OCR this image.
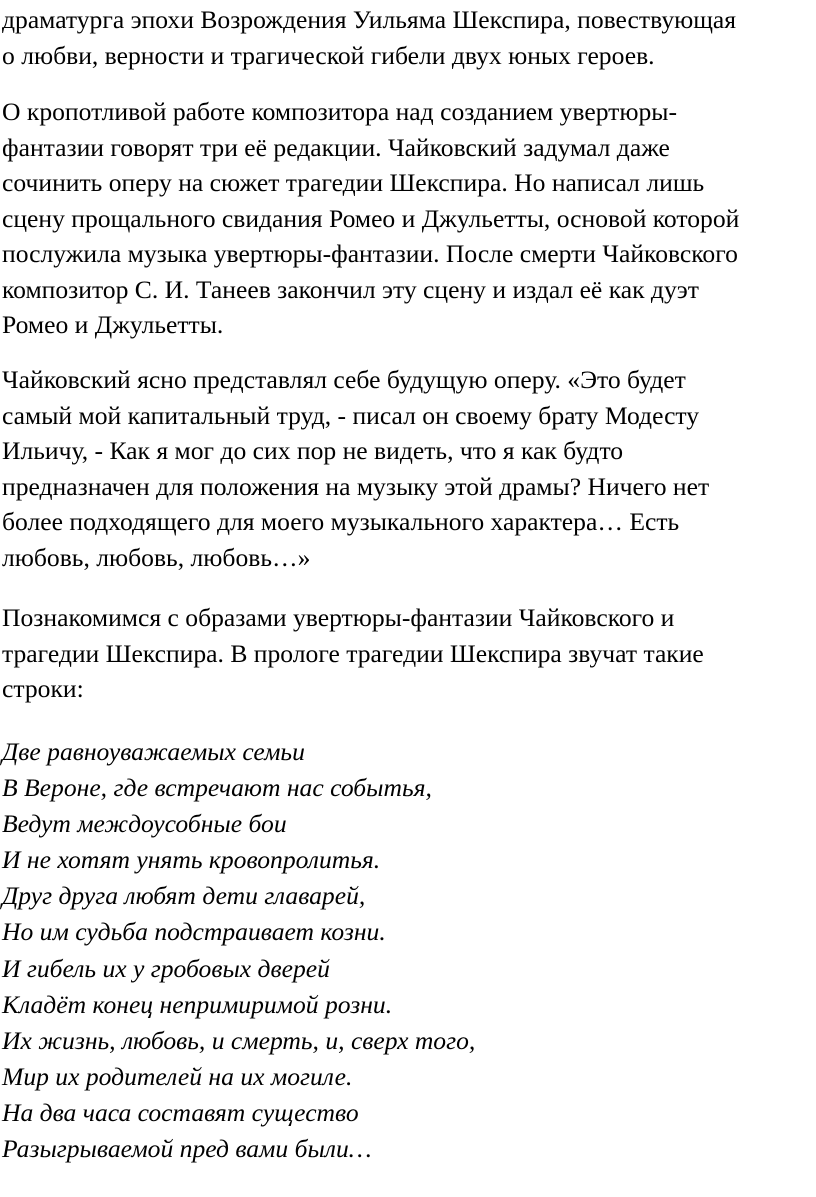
драматурга эпохи Возрождения Уильяма Шекспира, повествующая
о любви, верности и трагической гибели двух юных героев.

О кропотливой работе композитора над созданием увертюры-
фантазии говорят три её редакции. Чайковский задумал даже
сочинить оперу на сюжет трагедии Шекспира. Но написал лишь
сцену прощального свидания Ромео и Джульетты, основой которой
послужила музыка увертюры-фантазии. После смерти Чайковского
композитор С. И. Танеев закончил эту сцену и издал её как дуэт
Ромео и Джульетты.

Чайковский ясно представлял себе будущую оперу. «Это будет
самый мой капитальный труд, - писал он своему брату Модесту
Ильичу, - Как я мог до сих пор не видеть, что я как будто
предназначен для положения на музыку этой драмы? Ничего нет
более подходящего для моего музыкального характера… Есть
любовь, любовь, любовь…»

Познакомимся с образами увертюры-фантазии Чайковского и
трагедии Шекспира. В прологе трагедии Шекспира звучат такие
строки:

Две равноуважаемых семьи
В Вероне, где встречают нас событья,
Ведут междоусобные бои
И не хотят унять кровопролитья.
Друг друга любят дети главарей,
Но им судьба подстраивает козни.
И гибель их у гробовых дверей
Кладёт конец непримиримой розни.
Их жизнь, любовь, и смерть, и, сверх того,
Мир их родителей на их могиле.
На два часа составят существо
Разыгрываемой пред вами были…
